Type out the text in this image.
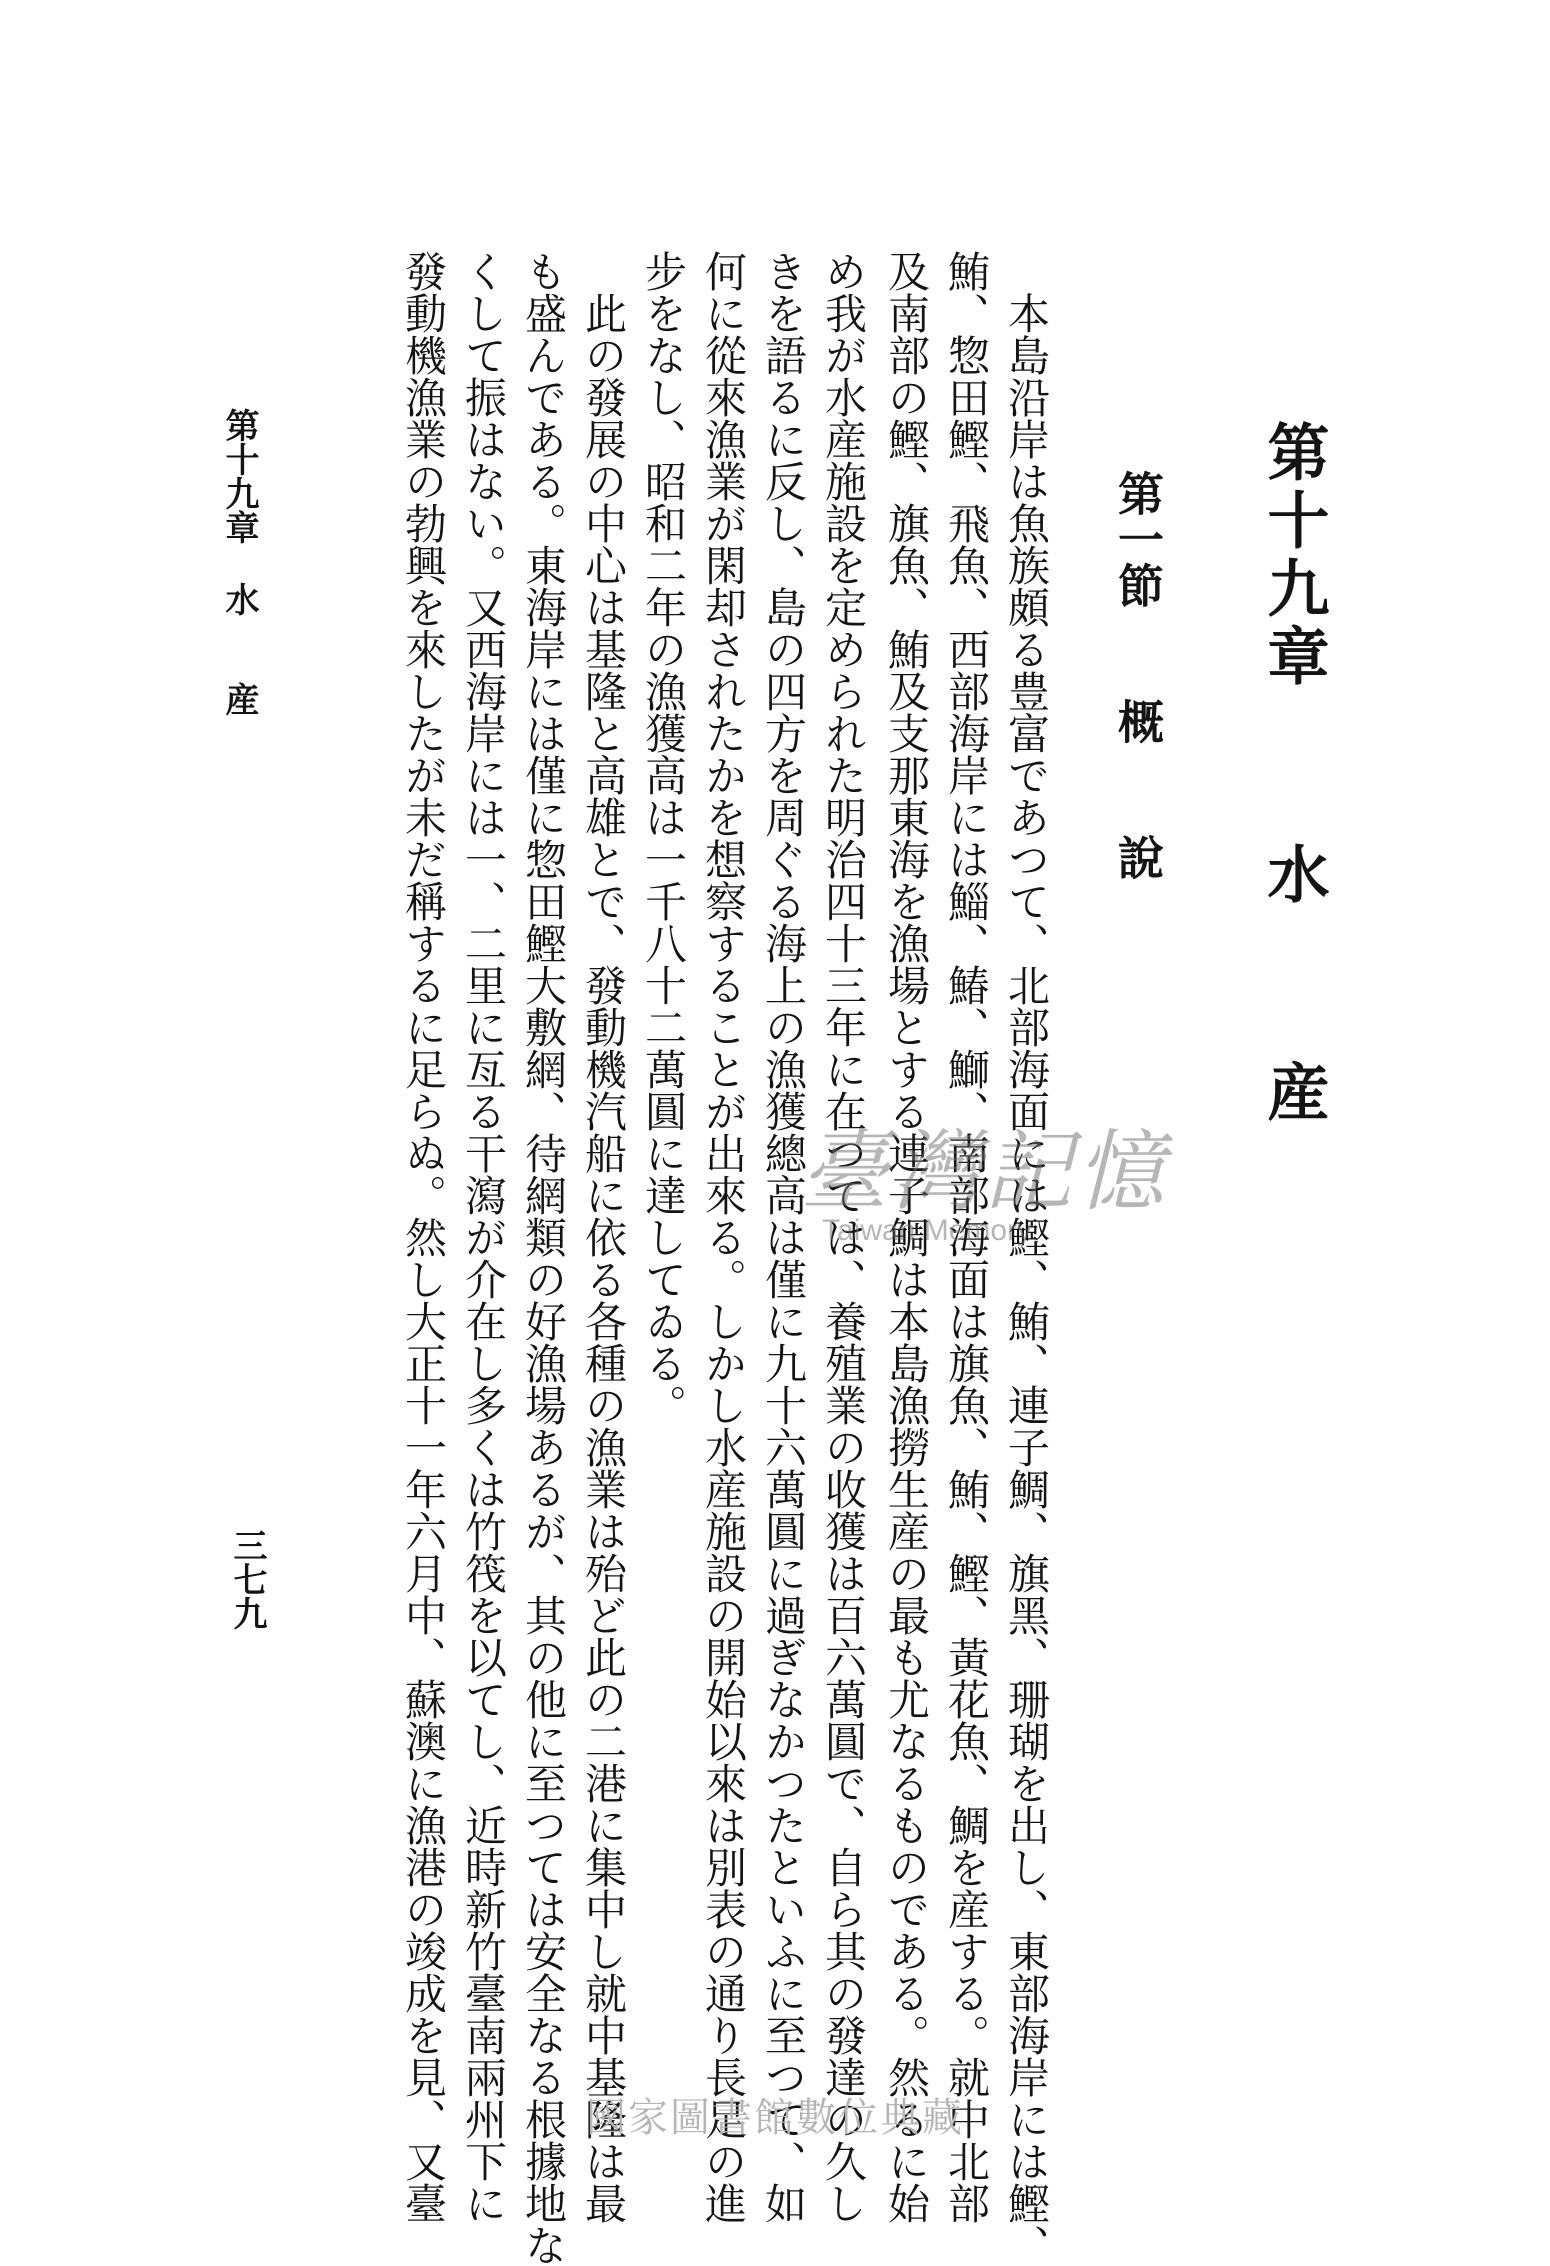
第十九章水産
第一節概說
本島沿岸は魚族頗る豊富であつて、北部海面には鰹、鮪、連子鯛、旗黑、珊瑚を出し、東部海岸には鰹、
鮪、惣田鰹、飛魚、西部海岸には鯔、鰆、鰤、南部海面は旗魚、鮪、鰹、黃花魚、鯛を産する。就中北部
及南部の鰹、旗魚、鮪及支那東海を漁場とする連子鯛は本島漁撈生産の最も尤なるものである。然るに始
め我が水産施設を定められた明治四十三年に在つては、養殖業の收獲は百六萬圓で、自ら其の發達の久し
きを語るに反し、島の四方を周ぐる海上の漁獲總高は僅に九十六萬圓に過ぎなかつたといふに至つて、如
何に從來漁業が閑却されたかを想察することが出來る。しかし水産施設の開始以來は別表の通り長足の進
步をなし、昭和二年の漁獲高は一千八十二萬圓に達してゐる。
此の發展の中心は基隆と高雄とで、發動機汽船に依る各種の漁業は殆ど此の二港に集中し就中基隆は最
も盛んである。東海岸には僅に惣田鰹大敷網、待網類の好漁場あるが、其の他に至つては安全なる根據地な
くして振はない。又西海岸には一、二里に亙る干瀉が介在し多くは竹筏を以てし、近時新竹臺南兩州下に
發動機漁業の勃興を來したが未だ稱するに足らぬ。然し大正十一年六月中、蘇澳に漁港の竣成を見、又臺
第十九章水産
三七九
臺灣記憶
Taiwan Memory
國家圖書館數位典藏
